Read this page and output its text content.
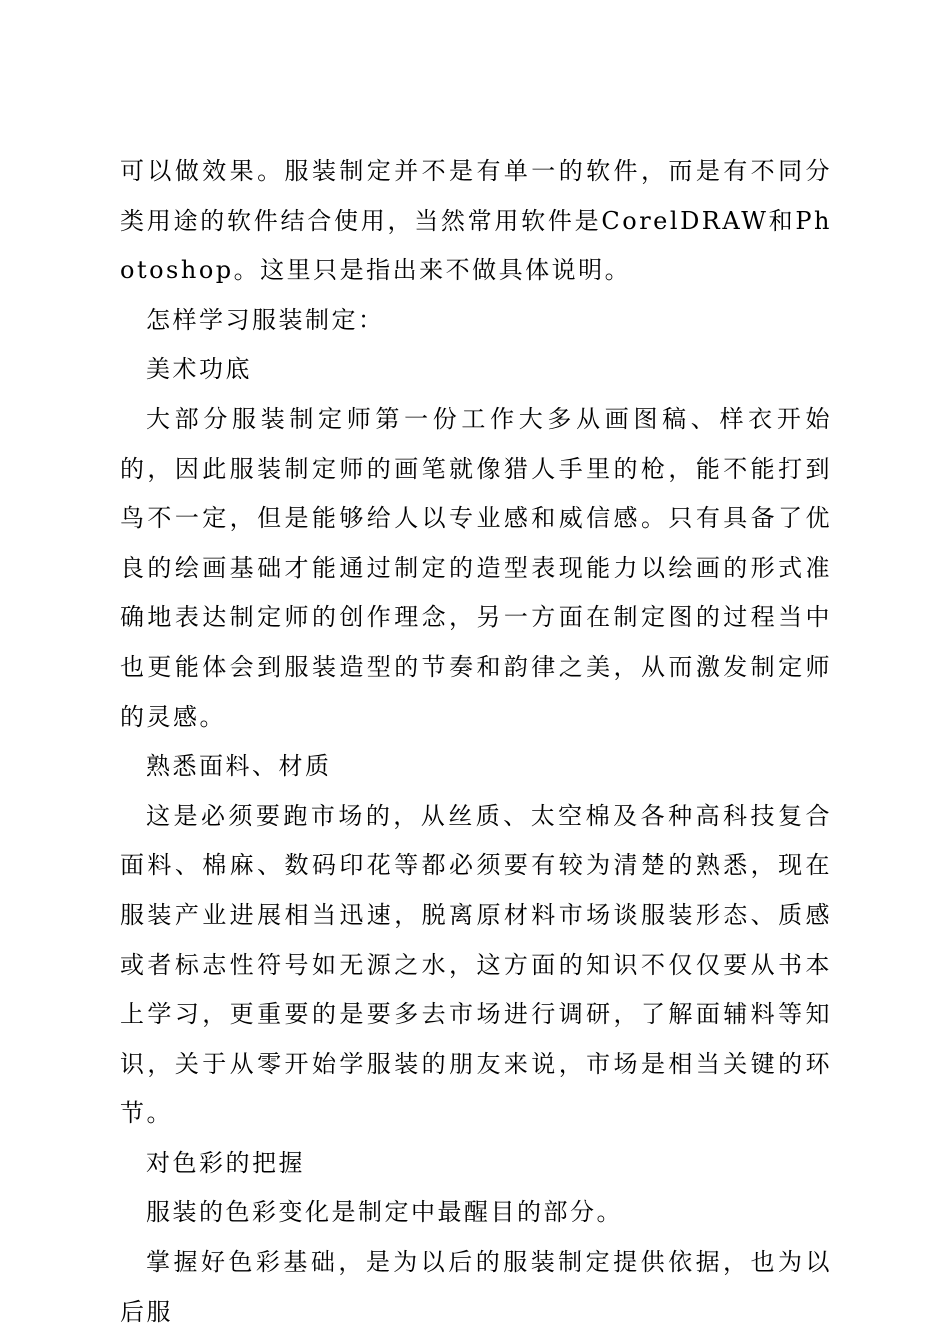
可以做效果。服装制定并不是有单一的软件，而是有不同分类用途的软件结合使用，当然常用软件是CorelDRAW和Photoshop。这里只是指出来不做具体说明。

怎样学习服装制定：

美术功底

大部分服装制定师第一份工作大多从画图稿、样衣开始的，因此服装制定师的画笔就像猎人手里的枪，能不能打到鸟不一定，但是能够给人以专业感和威信感。只有具备了优良的绘画基础才能通过制定的造型表现能力以绘画的形式准确地表达制定师的创作理念，另一方面在制定图的过程当中也更能体会到服装造型的节奏和韵律之美，从而激发制定师的灵感。

熟悉面料、材质

这是必须要跑市场的，从丝质、太空棉及各种高科技复合面料、棉麻、数码印花等都必须要有较为清楚的熟悉，现在服装产业进展相当迅速，脱离原材料市场谈服装形态、质感或者标志性符号如无源之水，这方面的知识不仅仅要从书本上学习，更重要的是要多去市场进行调研，了解面辅料等知识，关于从零开始学服装的朋友来说，市场是相当关键的环节。

对色彩的把握

服装的色彩变化是制定中最醒目的部分。

掌握好色彩基础，是为以后的服装制定提供依据，也为以后服
